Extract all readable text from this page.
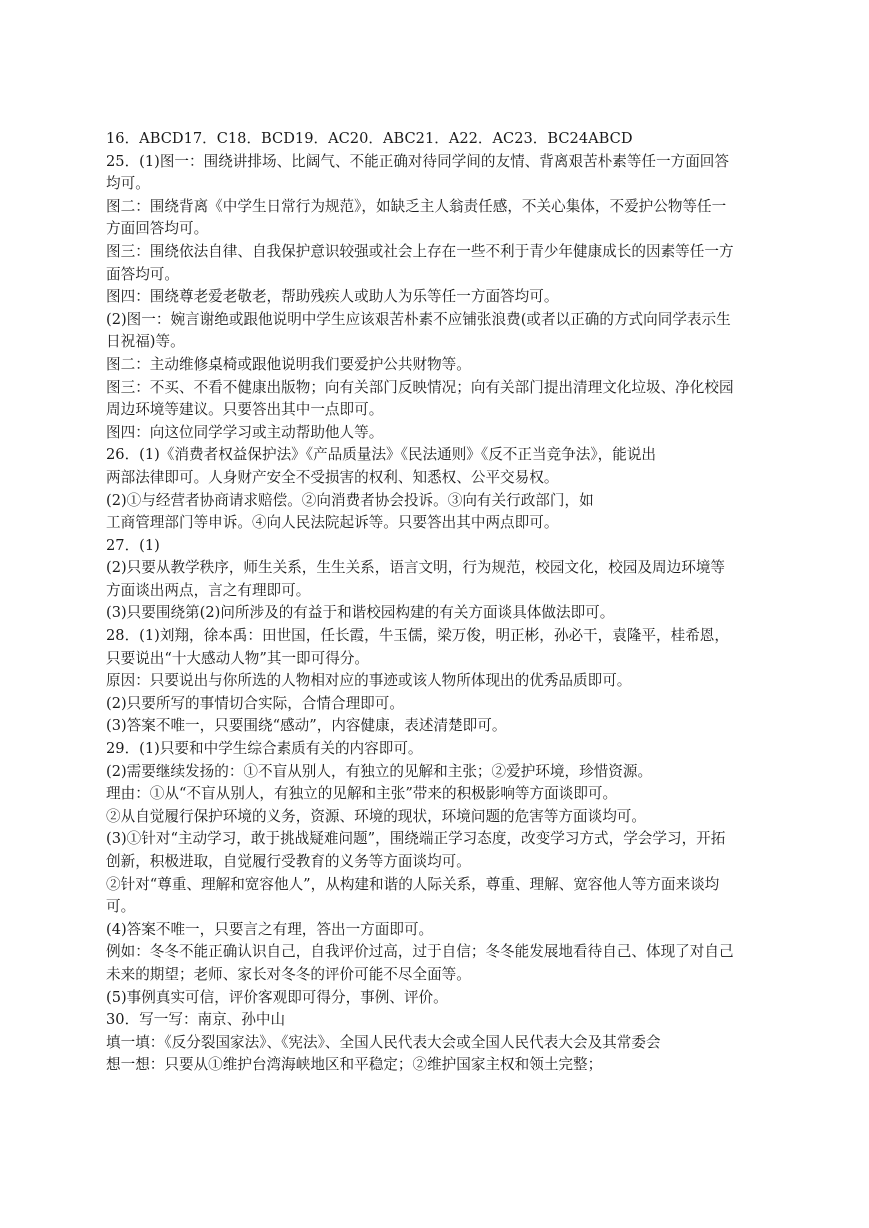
16．ABCD17．C18．BCD19．AC20．ABC21．A22．AC23．BC24ABCD
25．(1)图一：围绕讲排场、比阔气、不能正确对待同学间的友情、背离艰苦朴素等任一方面回答
均可。
图二：围绕背离《中学生日常行为规范》，如缺乏主人翁责任感，不关心集体，不爱护公物等任一
方面回答均可。
图三：围绕依法自律、自我保护意识较强或社会上存在一些不利于青少年健康成长的因素等任一方
面答均可。
图四：围绕尊老爱老敬老，帮助残疾人或助人为乐等任一方面答均可。
(2)图一：婉言谢绝或跟他说明中学生应该艰苦朴素不应铺张浪费(或者以正确的方式向同学表示生
日祝福)等。
图二：主动维修桌椅或跟他说明我们要爱护公共财物等。
图三：不买、不看不健康出版物；向有关部门反映情况；向有关部门提出清理文化垃圾、净化校园
周边环境等建议。只要答出其中一点即可。
图四：向这位同学学习或主动帮助他人等。
26．(1)《消费者权益保护法》《产品质量法》《民法通则》《反不正当竞争法》，能说出
两部法律即可。人身财产安全不受损害的权利、知悉权、公平交易权。
(2)①与经营者协商请求赔偿。②向消费者协会投诉。③向有关行政部门，如
工商管理部门等申诉。④向人民法院起诉等。只要答出其中两点即可。
27．(1)
(2)只要从教学秩序，师生关系，生生关系，语言文明，行为规范，校园文化，校园及周边环境等
方面谈出两点，言之有理即可。
(3)只要围绕第(2)问所涉及的有益于和谐校园构建的有关方面谈具体做法即可。
28．(1)刘翔，徐本禹：田世国，任长霞，牛玉儒，梁万俊，明正彬，孙必干，袁隆平，桂希恩，
只要说出“十大感动人物”其一即可得分。
原因：只要说出与你所选的人物相对应的事迹或该人物所体现出的优秀品质即可。
(2)只要所写的事情切合实际，合情合理即可。
(3)答案不唯一，只要围绕“感动”，内容健康，表述清楚即可。
29．(1)只要和中学生综合素质有关的内容即可。
(2)需要继续发扬的：①不盲从别人，有独立的见解和主张；②爱护环境，珍惜资源。
理由：①从“不盲从别人，有独立的见解和主张”带来的积极影响等方面谈即可。
②从自觉履行保护环境的义务，资源、环境的现状，环境问题的危害等方面谈均可。
(3)①针对“主动学习，敢于挑战疑难问题”，围绕端正学习态度，改变学习方式，学会学习，开拓
创新，积极进取，自觉履行受教育的义务等方面谈均可。
②针对“尊重、理解和宽容他人”，从构建和谐的人际关系，尊重、理解、宽容他人等方面来谈均
可。
(4)答案不唯一，只要言之有理，答出一方面即可。
例如：冬冬不能正确认识自己，自我评价过高，过于自信；冬冬能发展地看待自己、体现了对自己
未来的期望；老师、家长对冬冬的评价可能不尽全面等。
(5)事例真实可信，评价客观即可得分，事例、评价。
30．写一写：南京、孙中山
填一填：《反分裂国家法》、《宪法》、全国人民代表大会或全国人民代表大会及其常委会
想一想：只要从①维护台湾海峡地区和平稳定；②维护国家主权和领土完整；
